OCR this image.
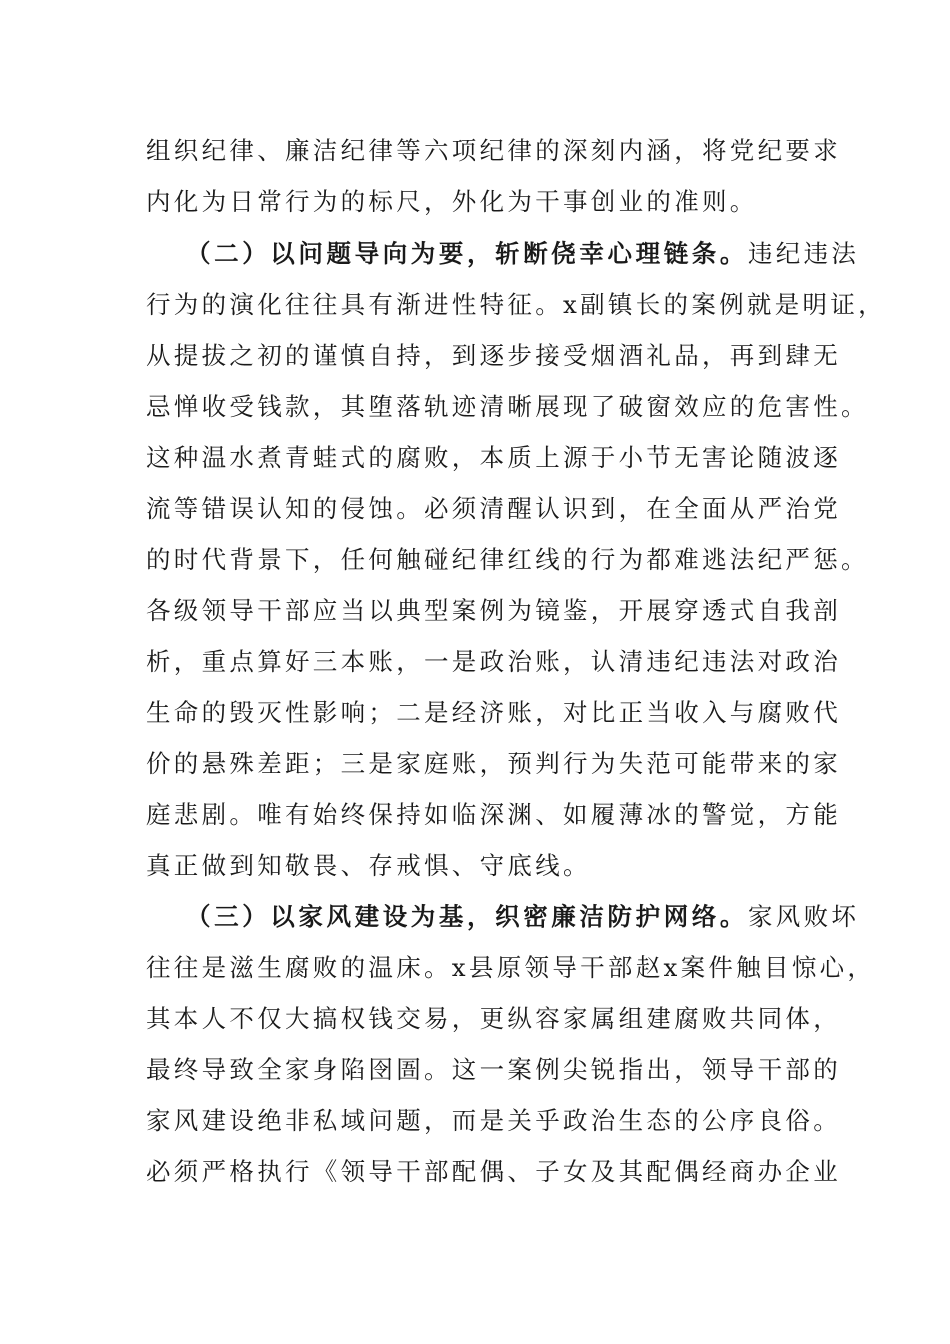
组织纪律、廉洁纪律等六项纪律的深刻内涵，将党纪要求

内化为日常行为的标尺，外化为干事创业的准则。

（二）以问题导向为要，斩断侥幸心理链条。违纪违法

行为的演化往往具有渐进性特征。x副镇长的案例就是明证，

从提拔之初的谨慎自持，到逐步接受烟酒礼品，再到肆无

忌惮收受钱款，其堕落轨迹清晰展现了破窗效应的危害性。

这种温水煮青蛙式的腐败，本质上源于小节无害论随波逐

流等错误认知的侵蚀。必须清醒认识到，在全面从严治党

的时代背景下，任何触碰纪律红线的行为都难逃法纪严惩。

各级领导干部应当以典型案例为镜鉴，开展穿透式自我剖

析，重点算好三本账，一是政治账，认清违纪违法对政治

生命的毁灭性影响；二是经济账，对比正当收入与腐败代

价的悬殊差距；三是家庭账，预判行为失范可能带来的家

庭悲剧。唯有始终保持如临深渊、如履薄冰的警觉，方能

真正做到知敬畏、存戒惧、守底线。

（三）以家风建设为基，织密廉洁防护网络。家风败坏

往往是滋生腐败的温床。x县原领导干部赵x案件触目惊心，

其本人不仅大搞权钱交易，更纵容家属组建腐败共同体，

最终导致全家身陷囹圄。这一案例尖锐指出，领导干部的

家风建设绝非私域问题，而是关乎政治生态的公序良俗。

必须严格执行《领导干部配偶、子女及其配偶经商办企业
